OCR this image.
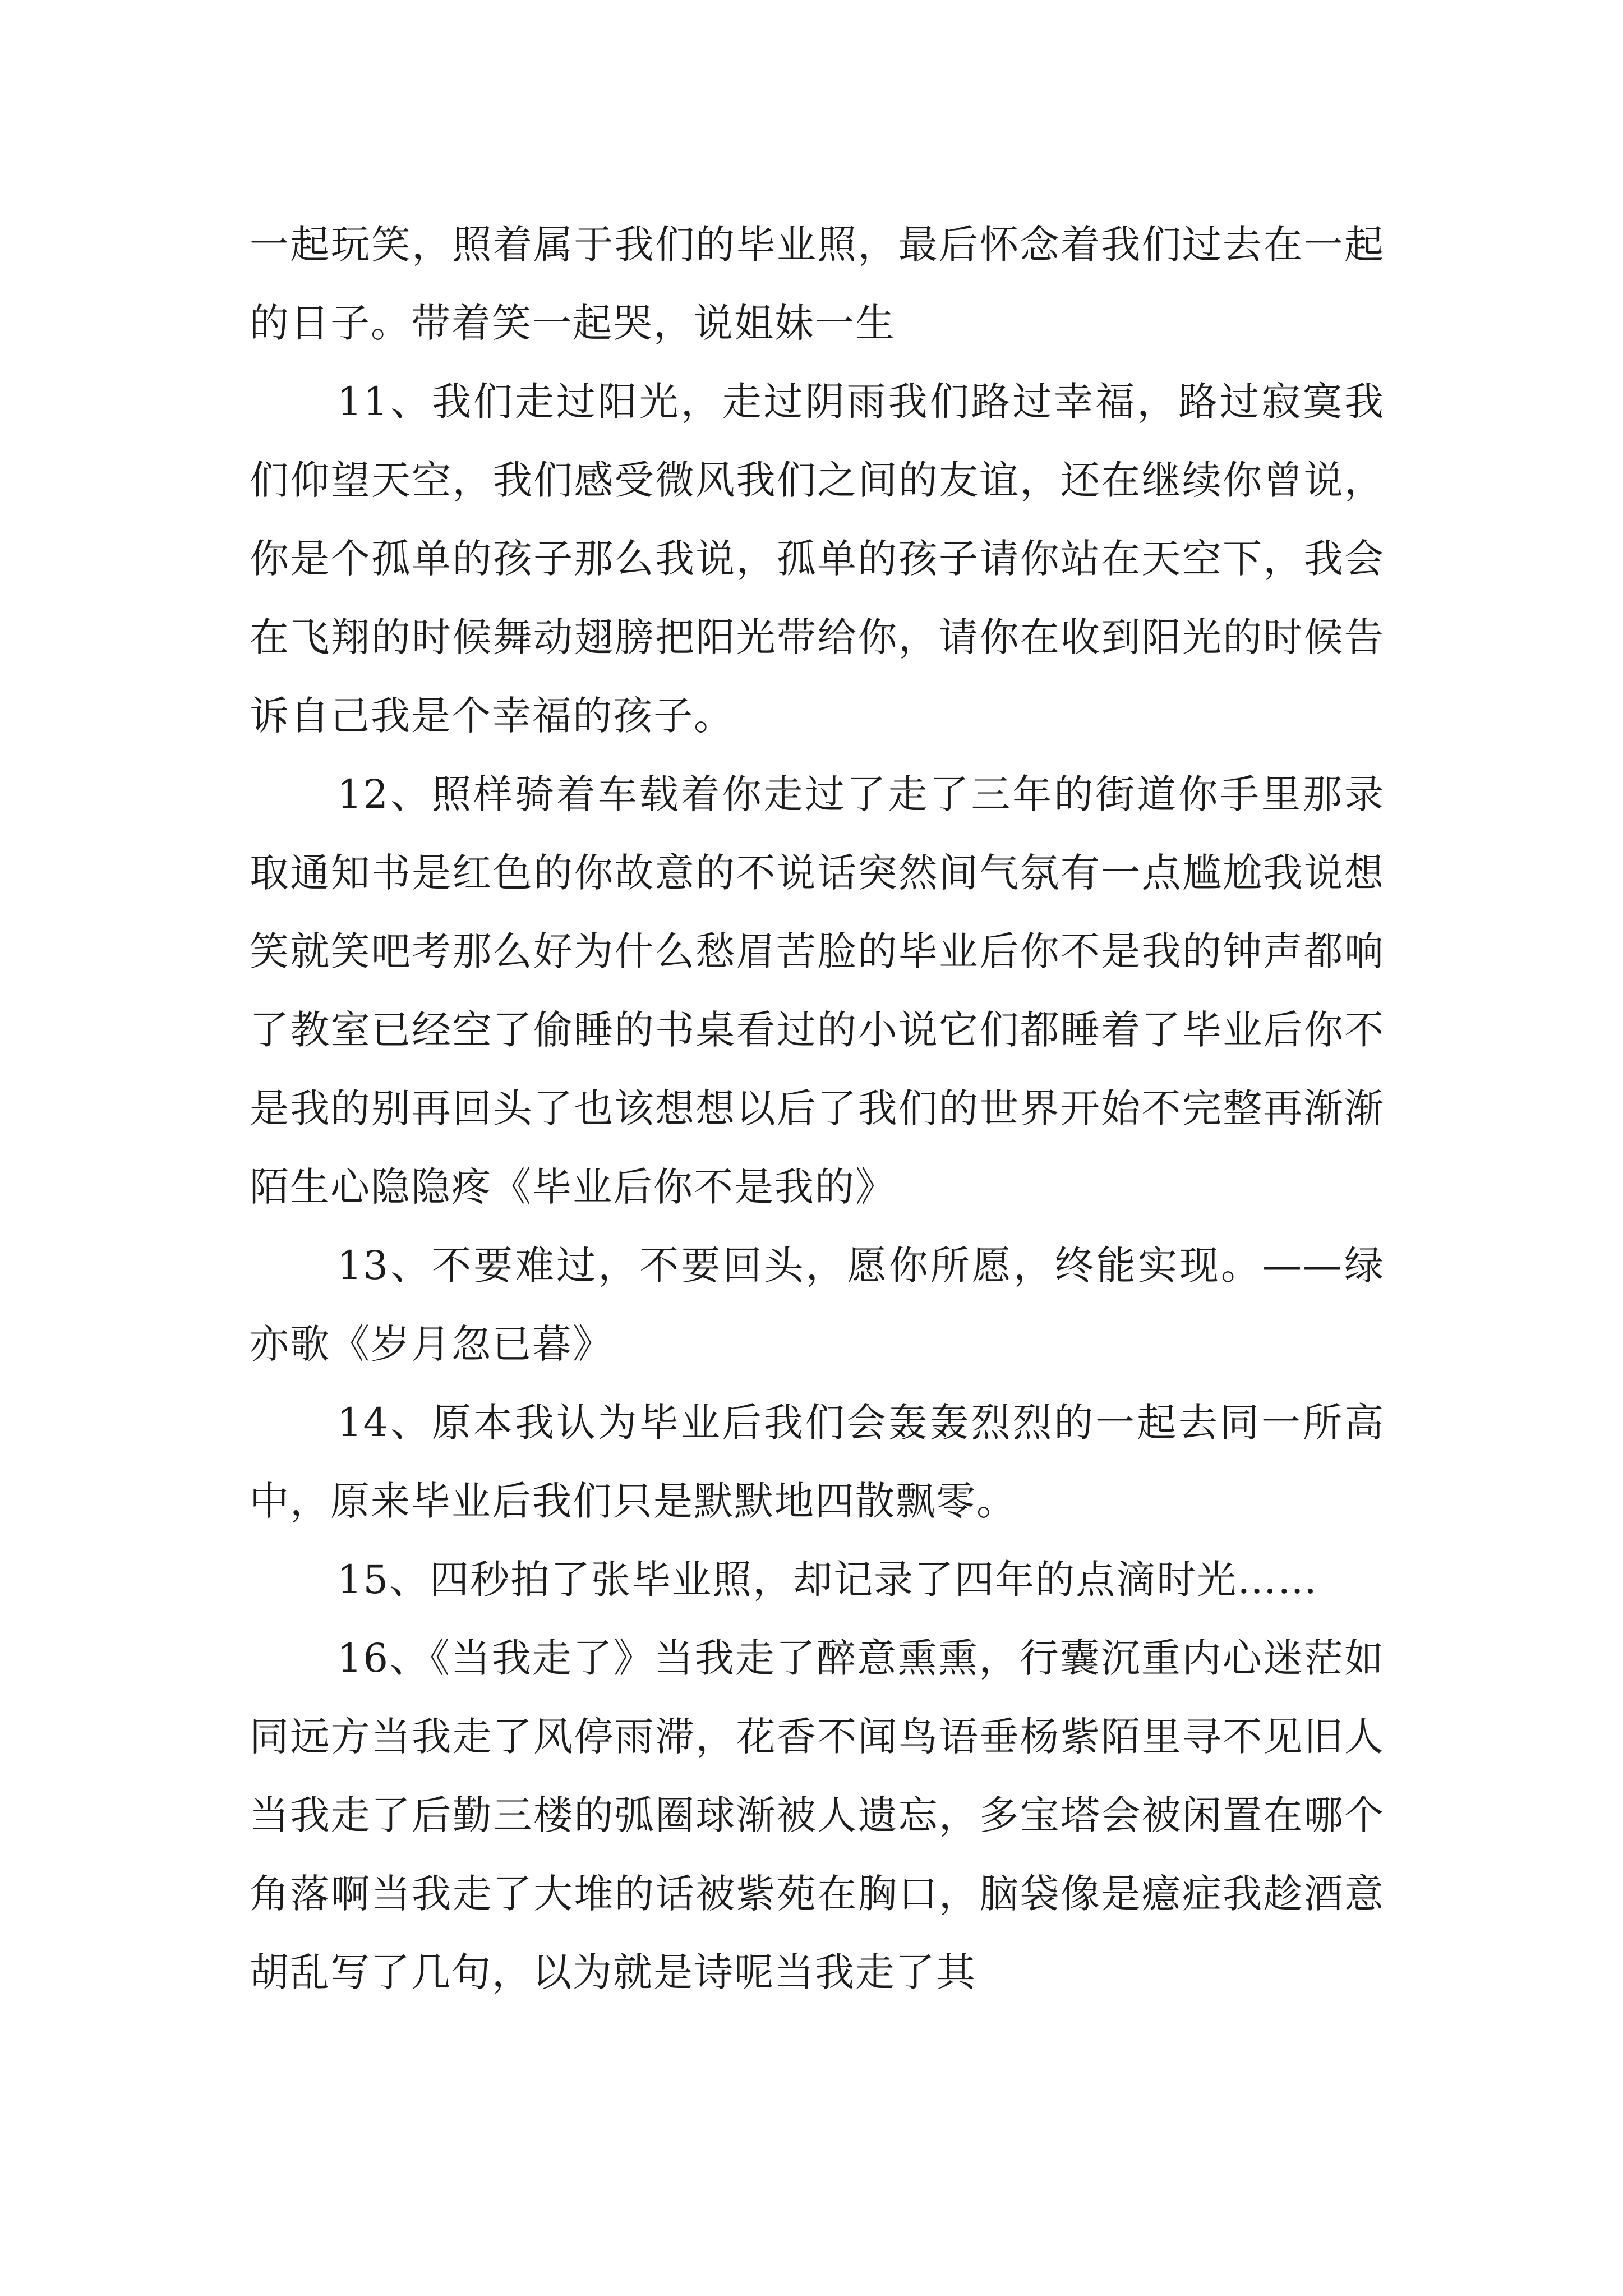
一起玩笑，照着属于我们的毕业照，最后怀念着我们过去在一起的日子。带着笑一起哭，说姐妹一生

11、我们走过阳光，走过阴雨我们路过幸福，路过寂寞我们仰望天空，我们感受微风我们之间的友谊，还在继续你曾说，你是个孤单的孩子那么我说，孤单的孩子请你站在天空下，我会在飞翔的时候舞动翅膀把阳光带给你，请你在收到阳光的时候告诉自己我是个幸福的孩子。

12、照样骑着车载着你走过了走了三年的街道你手里那录取通知书是红色的你故意的不说话突然间气氛有一点尴尬我说想笑就笑吧考那么好为什么愁眉苦脸的毕业后你不是我的钟声都响了教室已经空了偷睡的书桌看过的小说它们都睡着了毕业后你不是我的别再回头了也该想想以后了我们的世界开始不完整再渐渐陌生心隐隐疼《毕业后你不是我的》

13、不要难过，不要回头，愿你所愿，终能实现。——绿亦歌《岁月忽已暮》

14、原本我认为毕业后我们会轰轰烈烈的一起去同一所高中，原来毕业后我们只是默默地四散飘零。

15、四秒拍了张毕业照，却记录了四年的点滴时光……

16、《当我走了》当我走了醉意熏熏，行囊沉重内心迷茫如同远方当我走了风停雨滞，花香不闻鸟语垂杨紫陌里寻不见旧人当我走了后勤三楼的弧圈球渐被人遗忘，多宝塔会被闲置在哪个角落啊当我走了大堆的话被紫苑在胸口，脑袋像是癔症我趁酒意胡乱写了几句，以为就是诗呢当我走了其
